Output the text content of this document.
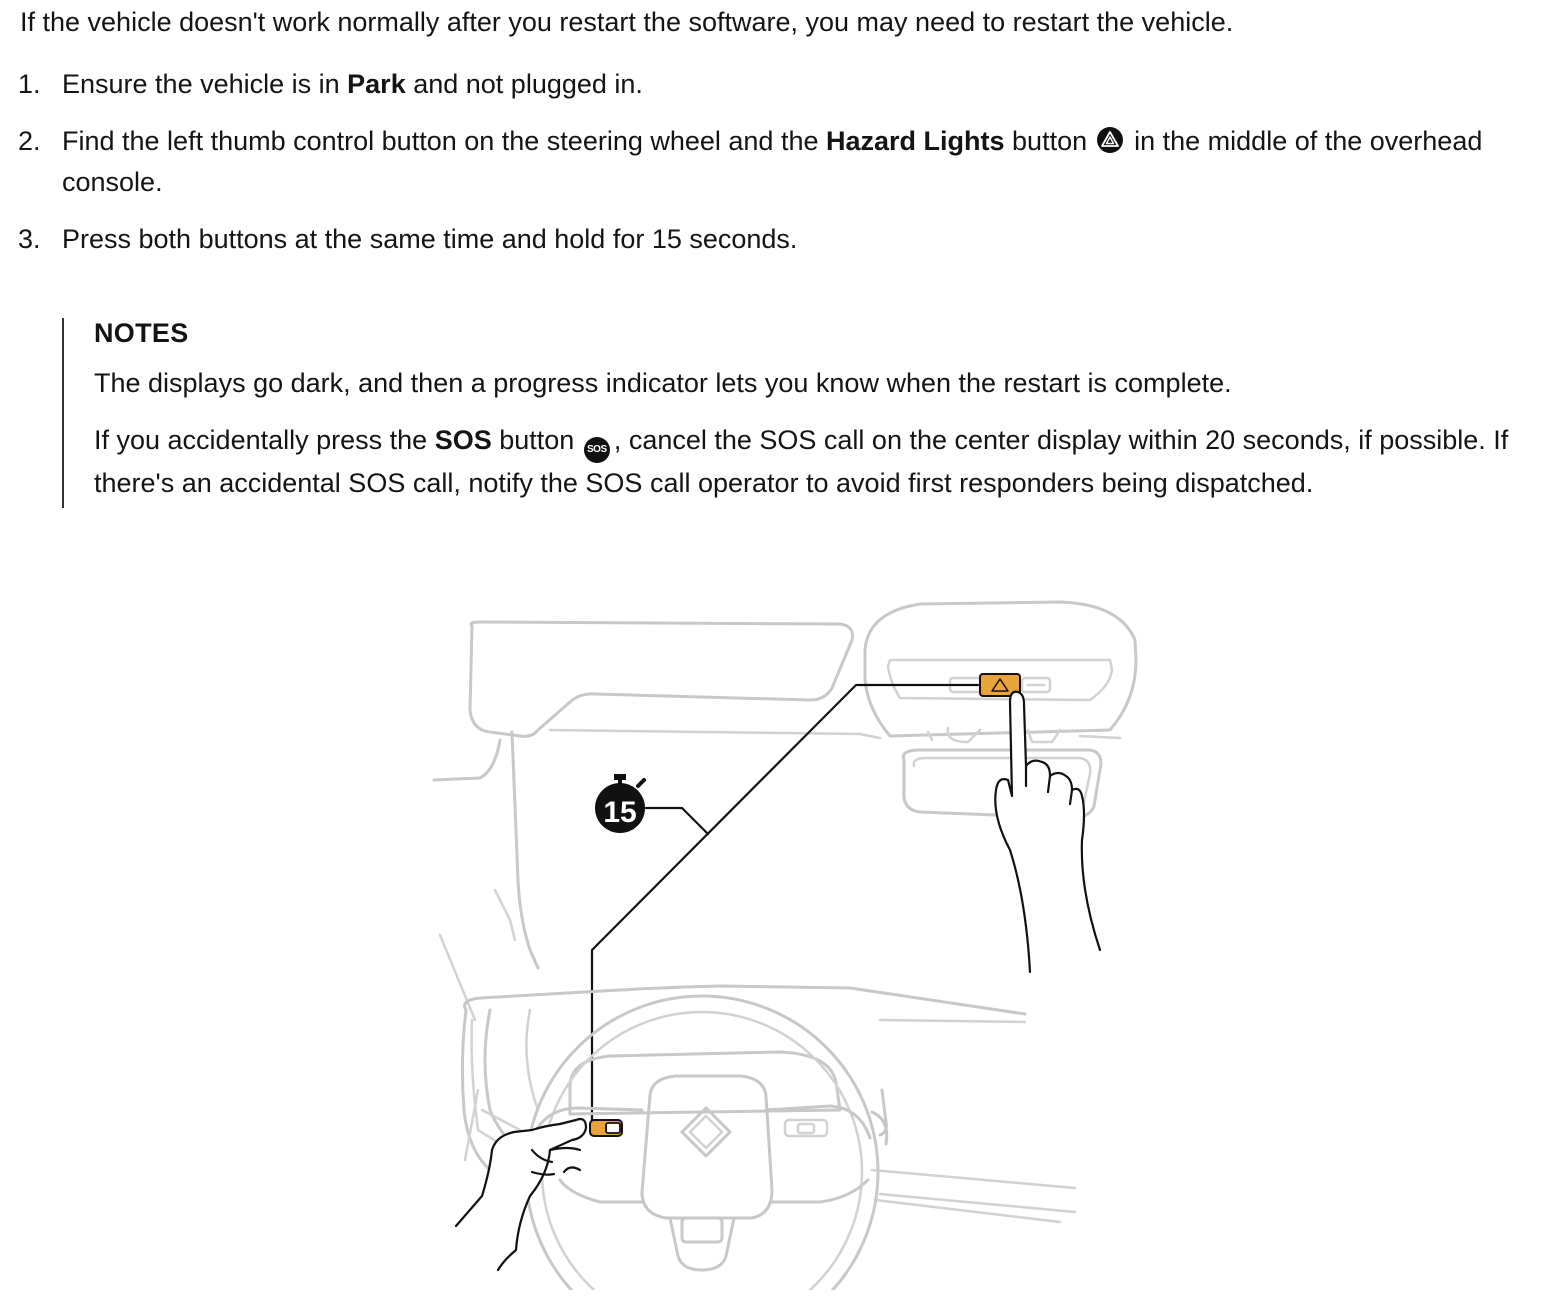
If the vehicle doesn't work normally after you restart the software, you may need to restart the vehicle.

1. Ensure the vehicle is in Park and not plugged in.
2. Find the left thumb control button on the steering wheel and the Hazard Lights button
in the middle of the overhead console.
3. Press both buttons at the same time and hold for 15 seconds.
NOTES

The displays go dark, and then a progress indicator lets you know when the restart is complete.

If you accidentally press the SOS button SOS , cancel the SOS call on the center display within 20 seconds, if possible. If there's an accidental SOS call, notify the SOS call operator to avoid first responders being dispatched.

15
